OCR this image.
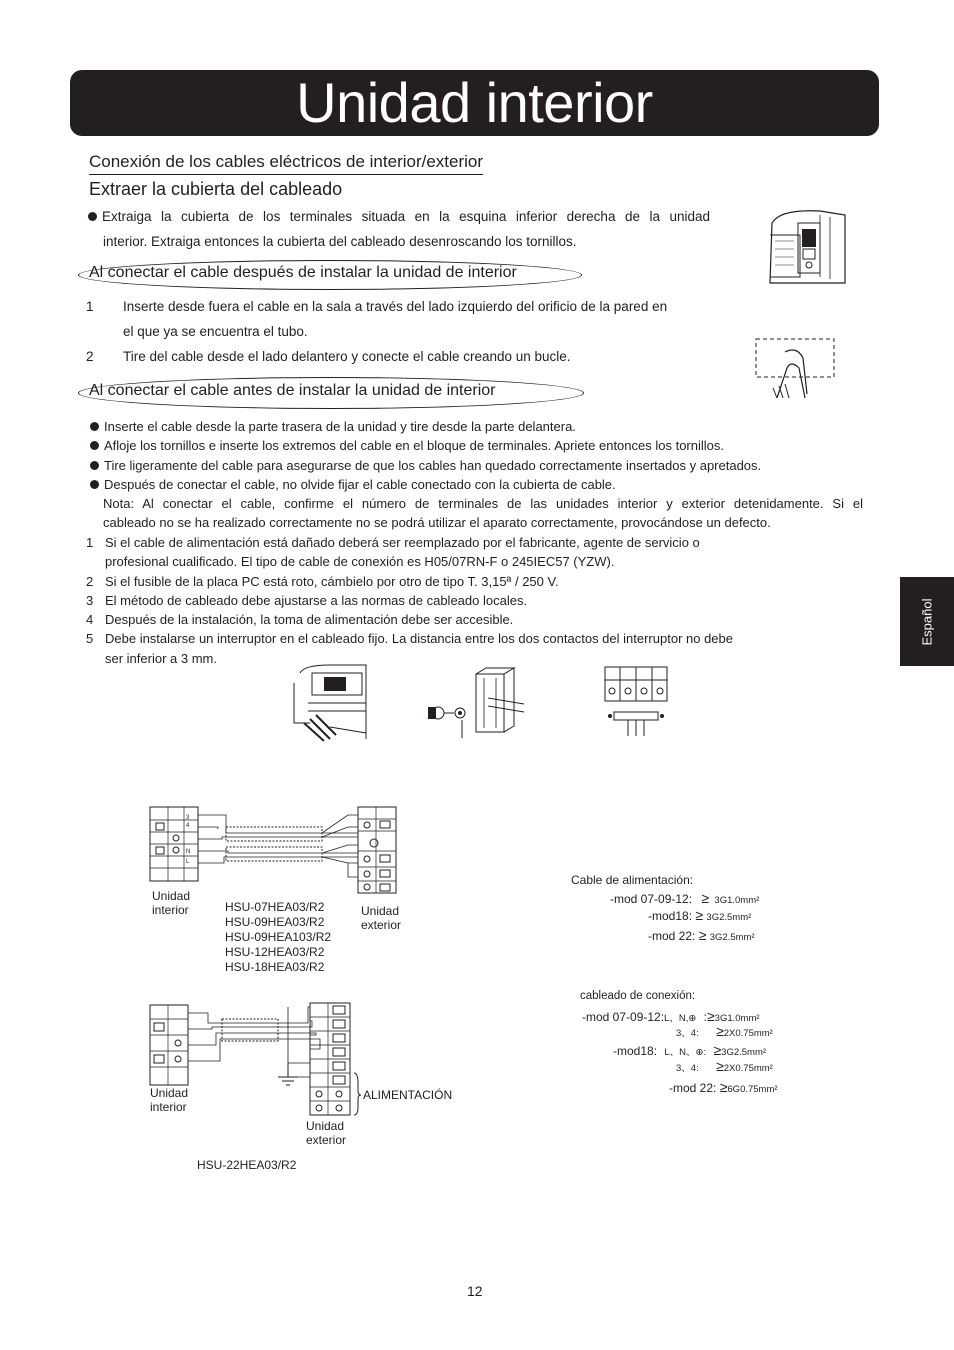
Unidad interior
Español
Conexión de los cables eléctricos de interior/exterior
Extraer la cubierta del cableado
Extraiga la cubierta de los terminales situada en la esquina inferior derecha de la unidad
interior. Extraiga entonces la cubierta del cableado desenroscando los tornillos.
Al conectar el cable después de instalar la unidad de interior
1 Inserte desde fuera el cable en la sala a través del lado izquierdo del orificio de la pared en
el que ya se encuentra el tubo.
2 Tire del cable desde el lado delantero y conecte el cable creando un bucle.
Al conectar el cable antes de instalar la unidad de interior
Inserte el cable desde la parte trasera de la unidad y tire desde la parte delantera.
Afloje los tornillos e inserte los extremos del cable en el bloque de terminales. Apriete entonces los tornillos.
Tire ligeramente del cable para asegurarse de que los cables han quedado correctamente insertados y apretados.
Después de conectar el cable, no olvide fijar el cable conectado con la cubierta de cable.
Nota: Al conectar el cable, confirme el número de terminales de las unidades interior y exterior detenidamente. Si el
cableado no se ha realizado correctamente no se podrá utilizar el aparato correctamente, provocándose un defecto.
1 Si el cable de alimentación está dañado deberá ser reemplazado por el fabricante, agente de servicio o
profesional cualificado. El tipo de cable de conexión es H05/07RN-F o 245IEC57 (YZW).
2 Si el fusible de la placa PC está roto, cámbielo por otro de tipo T. 3,15ª / 250 V.
3 El método de cableado debe ajustarse a las normas de cableado locales.
4 Después de la instalación, la toma de alimentación debe ser accesible.
5 Debe instalarse un interruptor en el cableado fijo. La distancia entre los dos contactos del interruptor no debe
ser inferior a 3 mm.
3
4
N
L
Unidad
interior	Unidad
exterior
HSU-07HEA03/R2
HSU-09HEA03/R2
HSU-09HEA103/R2
HSU-12HEA03/R2
HSU-18HEA03/R2
Unidad
interior
Unidad
exterior
ALIMENTACIÓN
HSU-22HEA03/R2
Cable de alimentación:
-mod 07-09-12: ≥ 3G1.0mm²
-mod18: ≥ 3G2.5mm²
-mod 22: ≥ 3G2.5mm²
cableado de conexión:
-mod 07-09-12:L、N,⊕ :≥3G1.0mm²
3、4: ≥2X0.75mm²
-mod18: L、N、⊕: ≥3G2.5mm²
3、4: ≥2X0.75mm²
-mod 22: ≥6G0.75mm²
12
